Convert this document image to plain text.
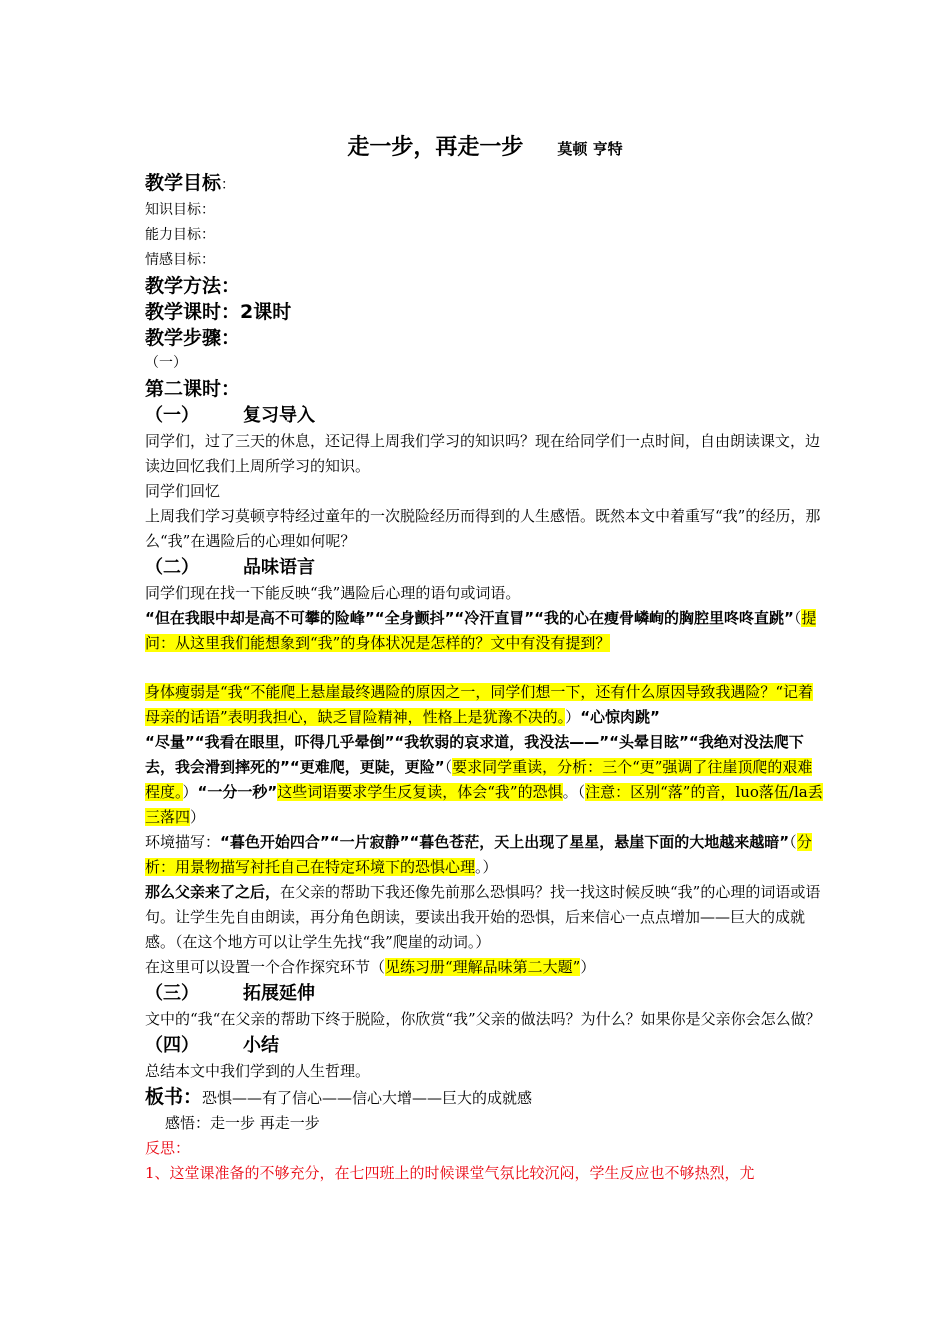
走一步，再走一步 莫顿 亨特
教学目标：
知识目标：
能力目标：
情感目标：
教学方法：
教学课时：2课时
教学步骤：
（一）
第二课时：
（一） 复习导入
同学们，过了三天的休息，还记得上周我们学习的知识吗？现在给同学们一点时间，自由朗读课文，边读边回忆我们上周所学习的知识。
同学们回忆
上周我们学习莫顿亨特经过童年的一次脱险经历而得到的人生感悟。既然本文中着重写“我”的经历，那么“我”在遇险后的心理如何呢？
（二） 品味语言
同学们现在找一下能反映“我”遇险后心理的语句或词语。
“但在我眼中却是高不可攀的险峰”“全身颤抖”“冷汗直冒”“我的心在瘦骨嶙峋的胸腔里咚咚直跳”（提问：从这里我们能想象到“我”的身体状况是怎样的？文中有没有提到？
身体瘦弱是“我“不能爬上悬崖最终遇险的原因之一，同学们想一下，还有什么原因导致我遇险？“记着母亲的话语”表明我担心，缺乏冒险精神，性格上是犹豫不决的。）“心惊肉跳”
“尽量”“我看在眼里，吓得几乎晕倒”“我软弱的哀求道，我没法——”“头晕目眩”“我绝对没法爬下去，我会滑到摔死的”“更难爬，更陡，更险”（要求同学重读，分析：三个“更”强调了往崖顶爬的艰难程度。）“一分一秒”这些词语要求学生反复读，体会“我”的恐惧。（注意：区别“落”的音，luo落伍/la丢三落四）
环境描写：“暮色开始四合”“一片寂静”“暮色苍茫，天上出现了星星，悬崖下面的大地越来越暗”（分析：用景物描写衬托自己在特定环境下的恐惧心理。）
那么父亲来了之后，在父亲的帮助下我还像先前那么恐惧吗？找一找这时候反映“我”的心理的词语或语句。让学生先自由朗读，再分角色朗读，要读出我开始的恐惧，后来信心一点点增加——巨大的成就感。（在这个地方可以让学生先找“我”爬崖的动词。）
在这里可以设置一个合作探究环节（见练习册“理解品味第二大题”）
（三） 拓展延伸
文中的“我“在父亲的帮助下终于脱险，你欣赏“我”父亲的做法吗？为什么？如果你是父亲你会怎么做？
（四） 小结
总结本文中我们学到的人生哲理。
板书：恐惧——有了信心——信心大增——巨大的成就感
感悟：走一步 再走一步
反思：
1、这堂课准备的不够充分，在七四班上的时候课堂气氛比较沉闷，学生反应也不够热烈，尤
